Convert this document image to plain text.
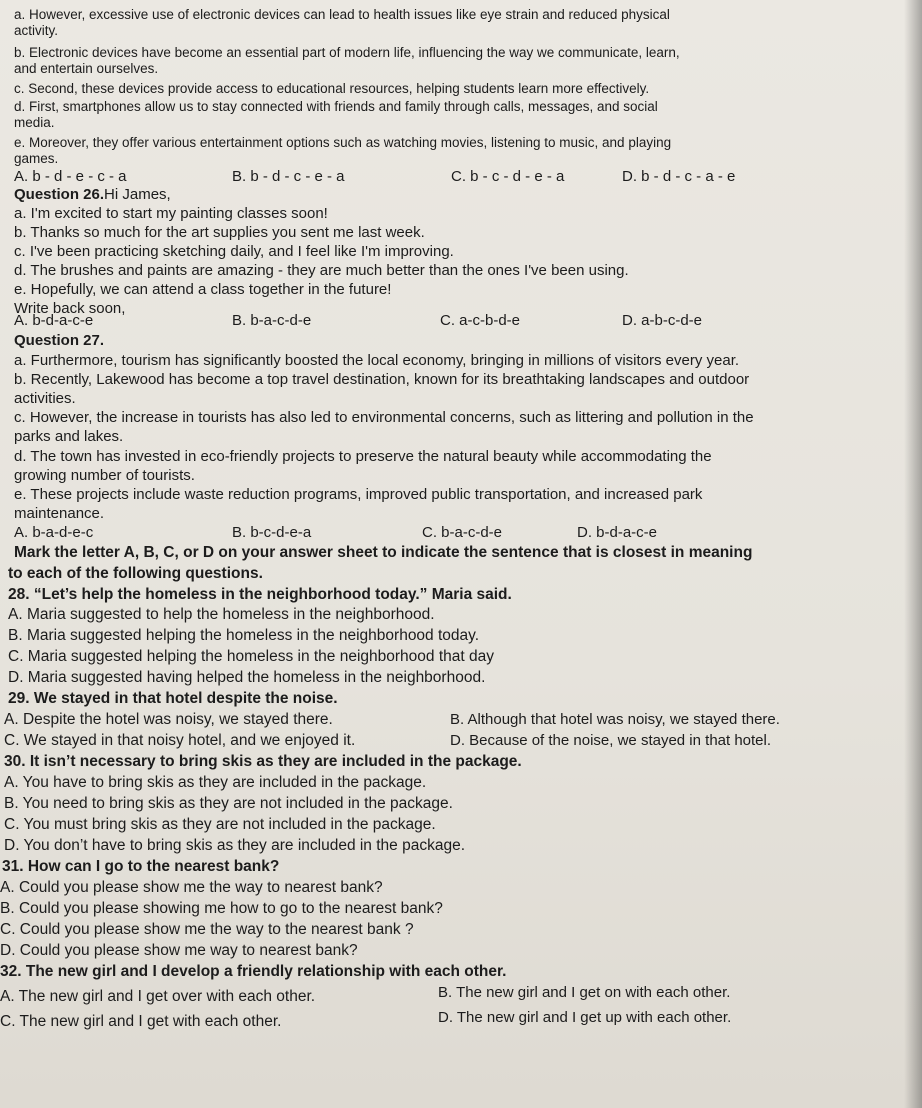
a. However, excessive use of electronic devices can lead to health issues like eye strain and reduced physical
activity.
b. Electronic devices have become an essential part of modern life, influencing the way we communicate, learn,
and entertain ourselves.
c. Second, these devices provide access to educational resources, helping students learn more effectively.
d. First, smartphones allow us to stay connected with friends and family through calls, messages, and social
media.
e. Moreover, they offer various entertainment options such as watching movies, listening to music, and playing
games.
A. b - d - e - c - a	B. b - d - c - e - a	C. b - c - d - e - a	D. b - d - c - a - e
Question 26.Hi James,
a. I'm excited to start my painting classes soon!
b. Thanks so much for the art supplies you sent me last week.
c. I've been practicing sketching daily, and I feel like I'm improving.
d. The brushes and paints are amazing - they are much better than the ones I've been using.
e. Hopefully, we can attend a class together in the future!
Write back soon,
A. b-d-a-c-e	B. b-a-c-d-e	C. a-c-b-d-e	D. a-b-c-d-e
Question 27.
a. Furthermore, tourism has significantly boosted the local economy, bringing in millions of visitors every year.
b. Recently, Lakewood has become a top travel destination, known for its breathtaking landscapes and outdoor
activities.
c. However, the increase in tourists has also led to environmental concerns, such as littering and pollution in the
parks and lakes.
d. The town has invested in eco-friendly projects to preserve the natural beauty while accommodating the
growing number of tourists.
e. These projects include waste reduction programs, improved public transportation, and increased park
maintenance.
A. b-a-d-e-c	B. b-c-d-e-a	C. b-a-c-d-e	D. b-d-a-c-e
Mark the letter A, B, C, or D on your answer sheet to indicate the sentence that is closest in meaning
to each of the following questions.
28. “Let’s help the homeless in the neighborhood today.” Maria said.
A. Maria suggested to help the homeless in the neighborhood.
B. Maria suggested helping the homeless in the neighborhood today.
C. Maria suggested helping the homeless in the neighborhood that day
D. Maria suggested having helped the homeless in the neighborhood.
29. We stayed in that hotel despite the noise.
A. Despite the hotel was noisy, we stayed there.	B. Although that hotel was noisy, we stayed there.
C. We stayed in that noisy hotel, and we enjoyed it.	D. Because of the noise, we stayed in that hotel.
30. It isn’t necessary to bring skis as they are included in the package.
A. You have to bring skis as they are included in the package.
B. You need to bring skis as they are not included in the package.
C. You must bring skis as they are not included in the package.
D. You don’t have to bring skis as they are included in the package.
31. How can I go to the nearest bank?
A. Could you please show me the way to nearest bank?
B. Could you please showing me how to go to the nearest bank?
C. Could you please show me the way to the nearest bank ?
D. Could you please show me way to nearest bank?
32. The new girl and I develop a friendly relationship with each other.
A. The new girl and I get over with each other.	B. The new girl and I get on with each other.
C. The new girl and I get with each other.	D. The new girl and I get up with each other.
